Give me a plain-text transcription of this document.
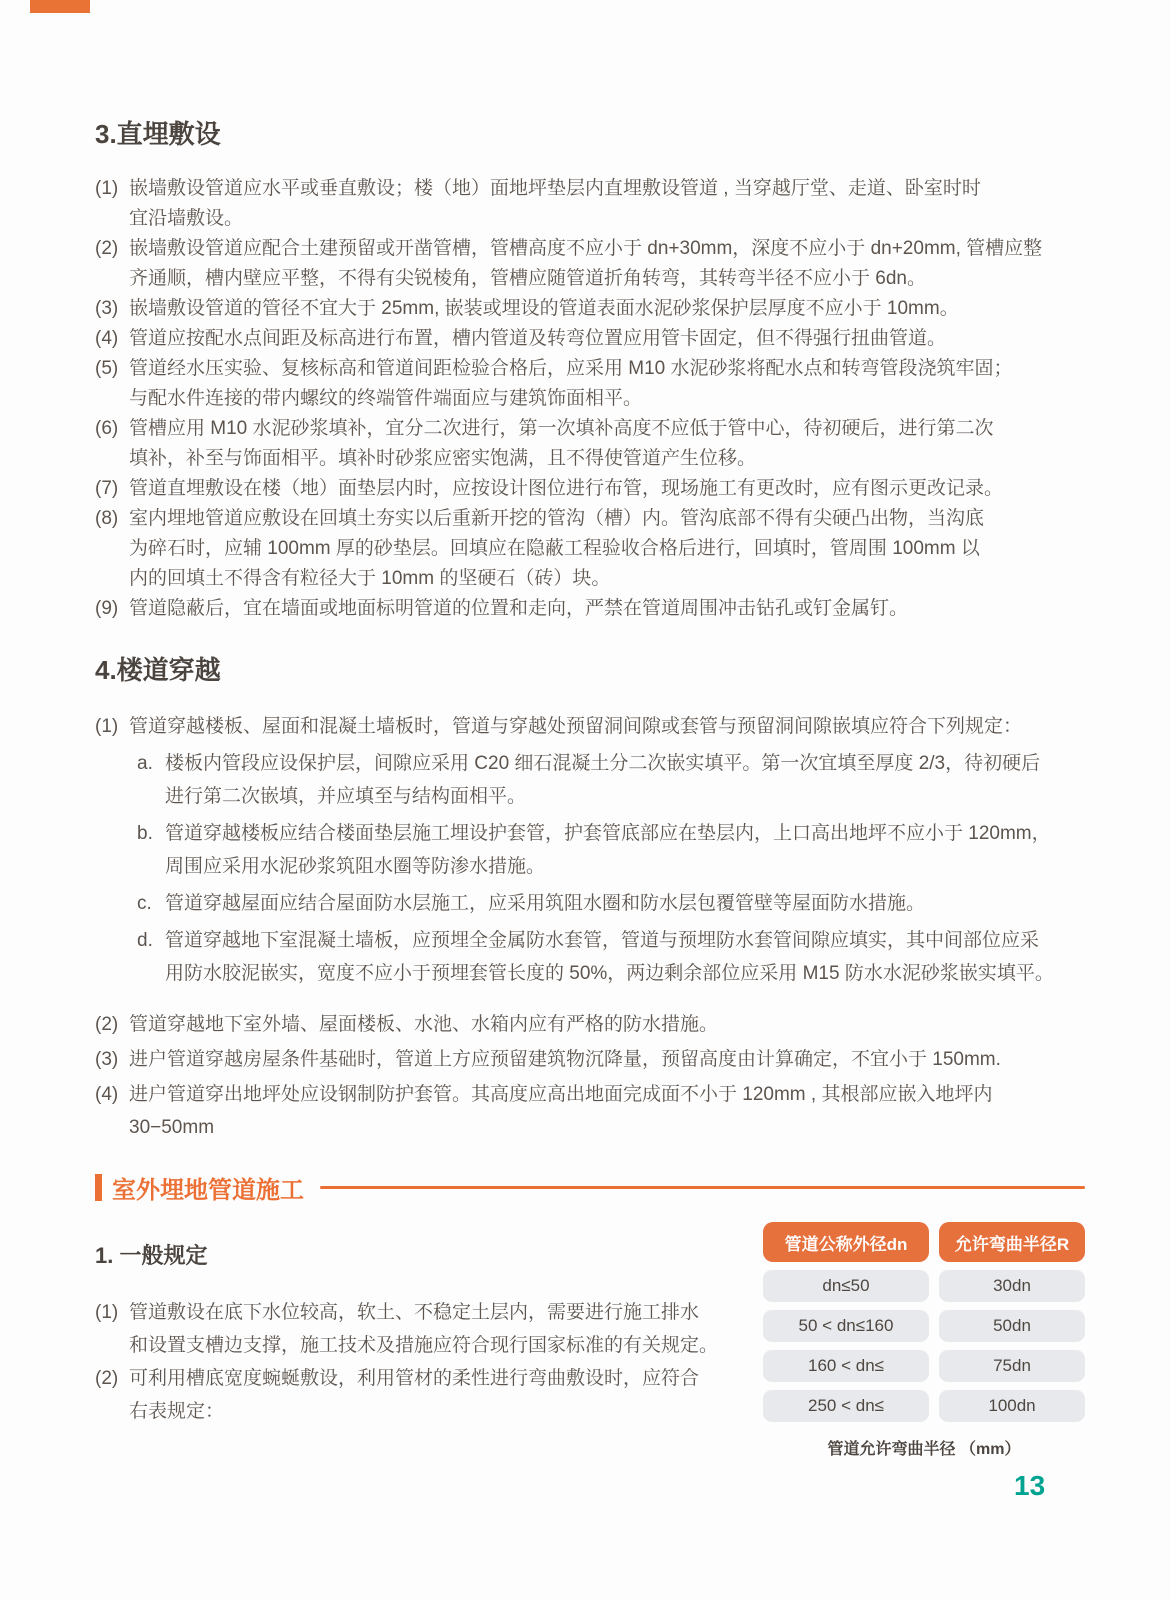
3.直埋敷设
(1) 嵌墙敷设管道应水平或垂直敷设；楼（地）面地坪垫层内直埋敷设管道 , 当穿越厅堂、走道、卧室时时
宜沿墙敷设。
(2) 嵌墙敷设管道应配合土建预留或开凿管槽，管槽高度不应小于 dn+30mm，深度不应小于 dn+20mm, 管槽应整
齐通顺，槽内壁应平整，不得有尖锐棱角，管槽应随管道折角转弯，其转弯半径不应小于 6dn。
(3) 嵌墙敷设管道的管径不宜大于 25mm, 嵌装或埋设的管道表面水泥砂浆保护层厚度不应小于 10mm。
(4) 管道应按配水点间距及标高进行布置，槽内管道及转弯位置应用管卡固定，但不得强行扭曲管道。
(5) 管道经水压实验、复核标高和管道间距检验合格后，应采用 M10 水泥砂浆将配水点和转弯管段浇筑牢固；
与配水件连接的带内螺纹的终端管件端面应与建筑饰面相平。
(6) 管槽应用 M10 水泥砂浆填补，宜分二次进行，第一次填补高度不应低于管中心，待初硬后，进行第二次
填补，补至与饰面相平。填补时砂浆应密实饱满，且不得使管道产生位移。
(7) 管道直埋敷设在楼（地）面垫层内时，应按设计图位进行布管，现场施工有更改时，应有图示更改记录。
(8) 室内埋地管道应敷设在回填土夯实以后重新开挖的管沟（槽）内。管沟底部不得有尖硬凸出物，当沟底
为碎石时，应辅 100mm 厚的砂垫层。回填应在隐蔽工程验收合格后进行，回填时，管周围 100mm 以
内的回填土不得含有粒径大于 10mm 的坚硬石（砖）块。
(9) 管道隐蔽后，宜在墙面或地面标明管道的位置和走向，严禁在管道周围冲击钻孔或钉金属钉。
4.楼道穿越
(1) 管道穿越楼板、屋面和混凝土墙板时，管道与穿越处预留洞间隙或套管与预留洞间隙嵌填应符合下列规定：
a. 楼板内管段应设保护层，间隙应采用 C20 细石混凝土分二次嵌实填平。第一次宜填至厚度 2/3，待初硬后
进行第二次嵌填，并应填至与结构面相平。
b. 管道穿越楼板应结合楼面垫层施工埋设护套管，护套管底部应在垫层内，上口高出地坪不应小于 120mm，
周围应采用水泥砂浆筑阻水圈等防渗水措施。
c. 管道穿越屋面应结合屋面防水层施工，应采用筑阻水圈和防水层包覆管壁等屋面防水措施。
d. 管道穿越地下室混凝土墙板，应预埋全金属防水套管，管道与预埋防水套管间隙应填实，其中间部位应采
用防水胶泥嵌实，宽度不应小于预埋套管长度的 50%，两边剩余部位应采用 M15 防水水泥砂浆嵌实填平。
(2) 管道穿越地下室外墙、屋面楼板、水池、水箱内应有严格的防水措施。
(3) 进户管道穿越房屋条件基础时，管道上方应预留建筑物沉降量，预留高度由计算确定，不宜小于 150mm.
(4) 进户管道穿出地坪处应设钢制防护套管。其高度应高出地面完成面不小于 120mm , 其根部应嵌入地坪内
30−50mm
室外埋地管道施工
1. 一般规定
(1) 管道敷设在底下水位较高，软土、不稳定土层内，需要进行施工排水
和设置支槽边支撑，施工技术及措施应符合现行国家标准的有关规定。
(2) 可利用槽底宽度蜿蜒敷设，利用管材的柔性进行弯曲敷设时，应符合
右表规定：
管道公称外径dn	允许弯曲半径R
dn≤50	30dn
50 < dn≤160	50dn
160 < dn≤	75dn
250 < dn≤	100dn
管道允许弯曲半径 （mm）
13
